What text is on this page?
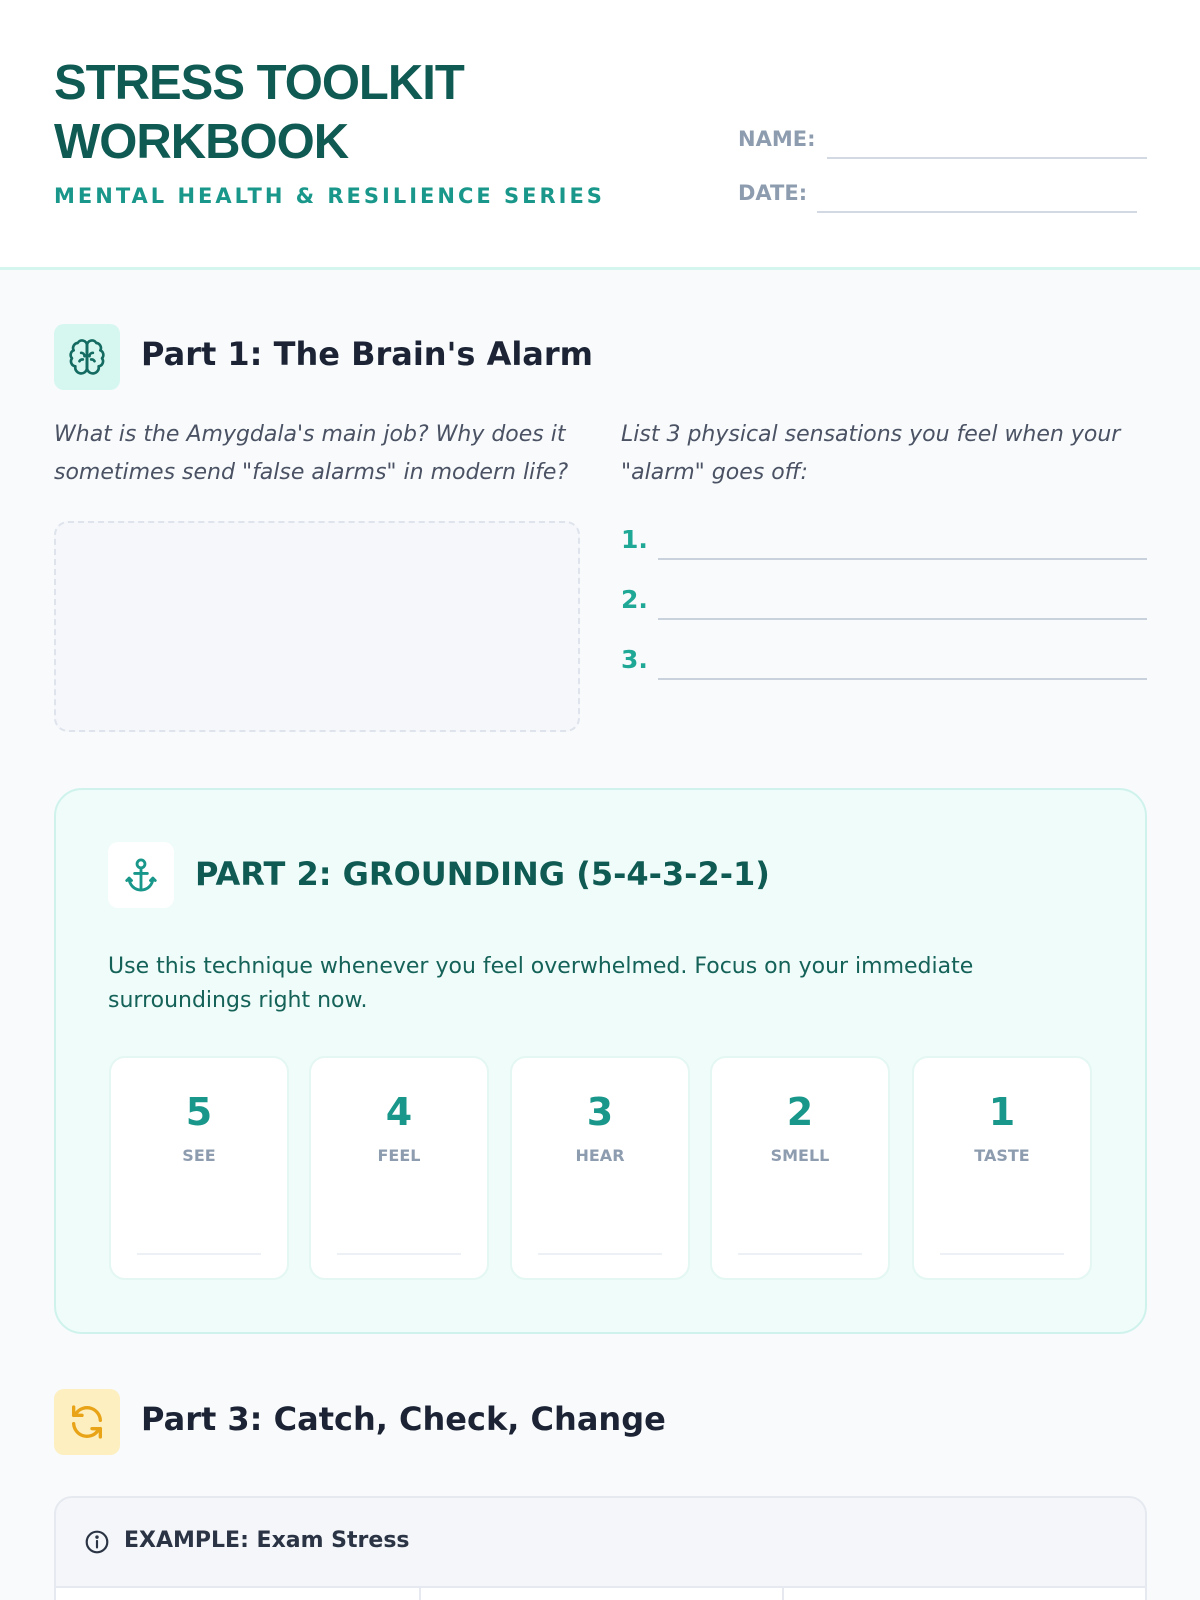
STRESS TOOLKIT
WORKBOOK
MENTAL HEALTH & RESILIENCE SERIES
NAME:
DATE:
Part 1: The Brain's Alarm
What is the Amygdala's main job? Why does it sometimes send "false alarms" in modern life?
List 3 physical sensations you feel when your "alarm" goes off:
1.
2.
3.
PART 2: GROUNDING (5-4-3-2-1)
Use this technique whenever you feel overwhelmed. Focus on your immediate surroundings right now.
5
SEE
4
FEEL
3
HEAR
2
SMELL
1
TASTE
Part 3: Catch, Check, Change
EXAMPLE: Exam Stress
